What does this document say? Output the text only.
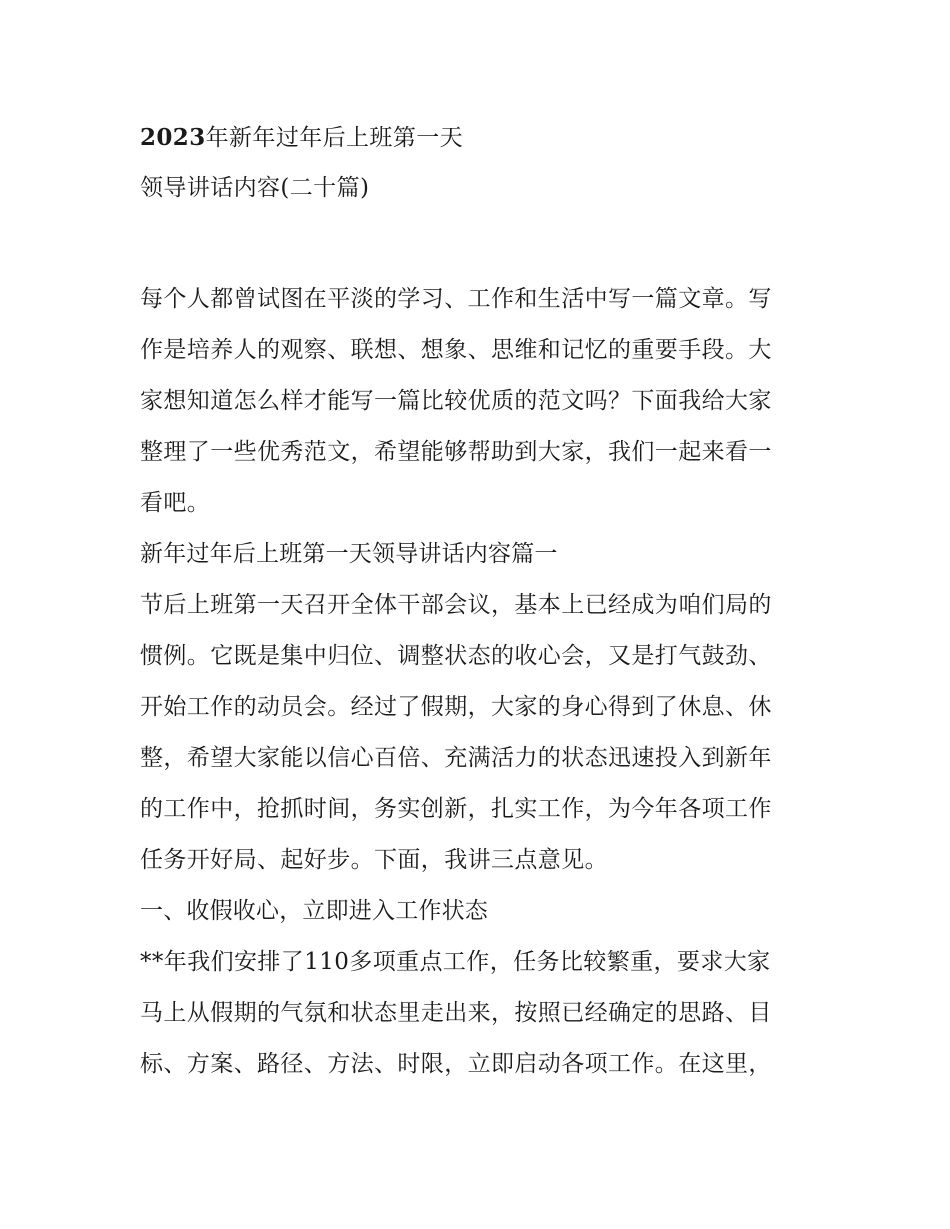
2023年新年过年后上班第一天
领导讲话内容(二十篇)
每个人都曾试图在平淡的学习、工作和生活中写一篇文章。写
作是培养人的观察、联想、想象、思维和记忆的重要手段。大
家想知道怎么样才能写一篇比较优质的范文吗？下面我给大家
整理了一些优秀范文，希望能够帮助到大家，我们一起来看一
看吧。
新年过年后上班第一天领导讲话内容篇一
节后上班第一天召开全体干部会议，基本上已经成为咱们局的
惯例。它既是集中归位、调整状态的收心会，又是打气鼓劲、
开始工作的动员会。经过了假期，大家的身心得到了休息、休
整，希望大家能以信心百倍、充满活力的状态迅速投入到新年
的工作中，抢抓时间，务实创新，扎实工作，为今年各项工作
任务开好局、起好步。下面，我讲三点意见。
一、收假收心，立即进入工作状态
**年我们安排了110多项重点工作，任务比较繁重，要求大家
马上从假期的气氛和状态里走出来，按照已经确定的思路、目
标、方案、路径、方法、时限，立即启动各项工作。在这里，
